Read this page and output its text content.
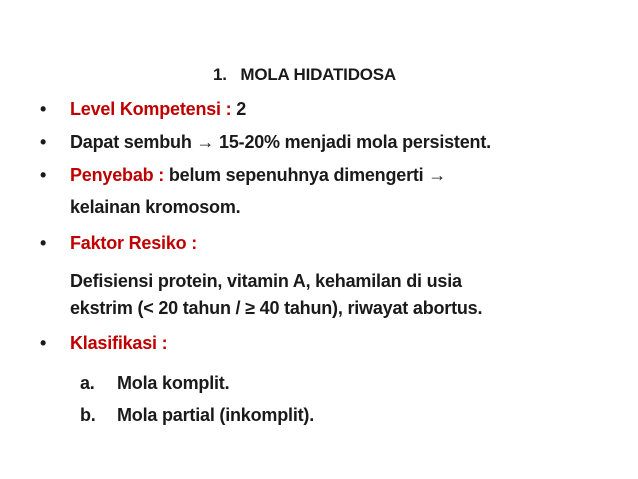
1. MOLA HIDATIDOSA
• Level Kompetensi : 2
• Dapat sembuh → 15-20% menjadi mola persistent.
• Penyebab : belum sepenuhnya dimengerti →
kelainan kromosom.
• Faktor Resiko :
Defisiensi protein, vitamin A, kehamilan di usia
ekstrim (< 20 tahun / ≥ 40 tahun), riwayat abortus.
• Klasifikasi :
a. Mola komplit.
b. Mola partial (inkomplit).
